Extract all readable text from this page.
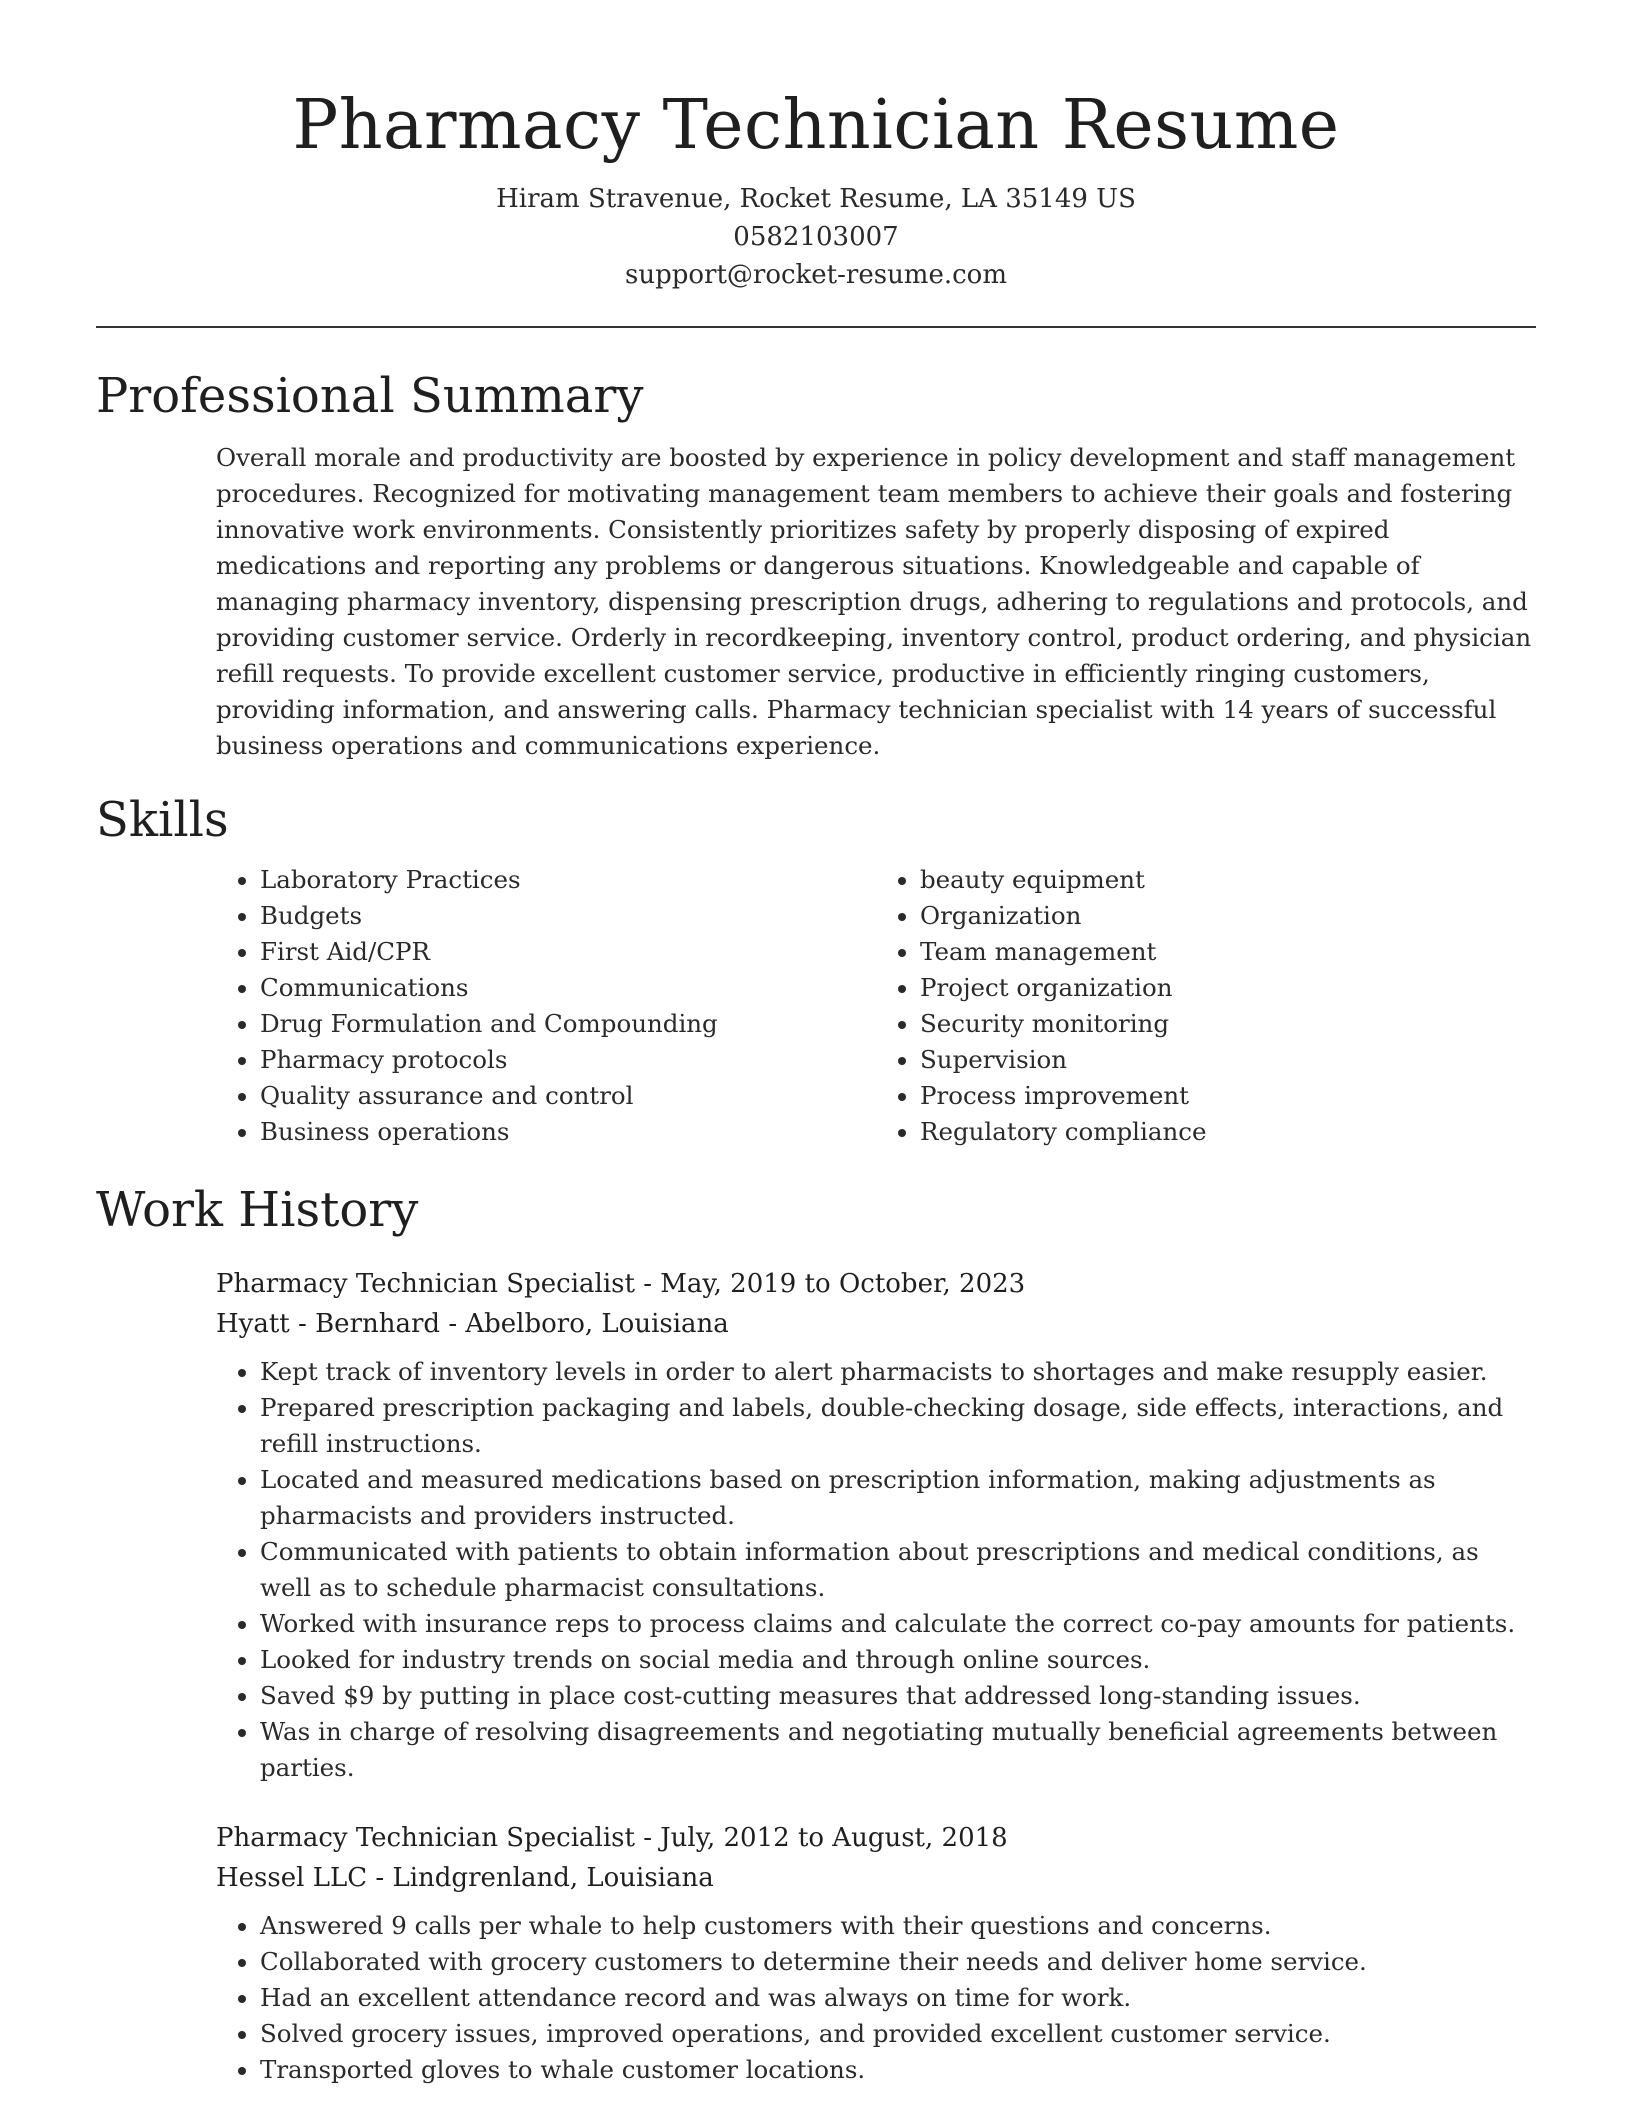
Pharmacy Technician Resume

Hiram Stravenue, Rocket Resume, LA 35149 US

0582103007

support@rocket-resume.com

Professional Summary

Overall morale and productivity are boosted by experience in policy development and staff management procedures. Recognized for motivating management team members to achieve their goals and fostering innovative work environments. Consistently prioritizes safety by properly disposing of expired medications and reporting any problems or dangerous situations. Knowledgeable and capable of managing pharmacy inventory, dispensing prescription drugs, adhering to regulations and protocols, and providing customer service. Orderly in recordkeeping, inventory control, product ordering, and physician refill requests. To provide excellent customer service, productive in efficiently ringing customers, providing information, and answering calls. Pharmacy technician specialist with 14 years of successful business operations and communications experience.

Skills
• Laboratory Practices
• Budgets
• First Aid/CPR
• Communications
• Drug Formulation and Compounding
• Pharmacy protocols
• Quality assurance and control
• Business operations
• beauty equipment
• Organization
• Team management
• Project organization
• Security monitoring
• Supervision
• Process improvement
• Regulatory compliance
Work History

Pharmacy Technician Specialist - May, 2019 to October, 2023

Hyatt - Bernhard - Abelboro, Louisiana

• Kept track of inventory levels in order to alert pharmacists to shortages and make resupply easier.
• Prepared prescription packaging and labels, double-checking dosage, side effects, interactions, and refill instructions.
• Located and measured medications based on prescription information, making adjustments as pharmacists and providers instructed.
• Communicated with patients to obtain information about prescriptions and medical conditions, as well as to schedule pharmacist consultations.
• Worked with insurance reps to process claims and calculate the correct co-pay amounts for patients.
• Looked for industry trends on social media and through online sources.
• Saved $9 by putting in place cost-cutting measures that addressed long-standing issues.
• Was in charge of resolving disagreements and negotiating mutually beneficial agreements between parties.

Pharmacy Technician Specialist - July, 2012 to August, 2018

Hessel LLC - Lindgrenland, Louisiana

• Answered 9 calls per whale to help customers with their questions and concerns.
• Collaborated with grocery customers to determine their needs and deliver home service.
• Had an excellent attendance record and was always on time for work.
• Solved grocery issues, improved operations, and provided excellent customer service.
• Transported gloves to whale customer locations.
